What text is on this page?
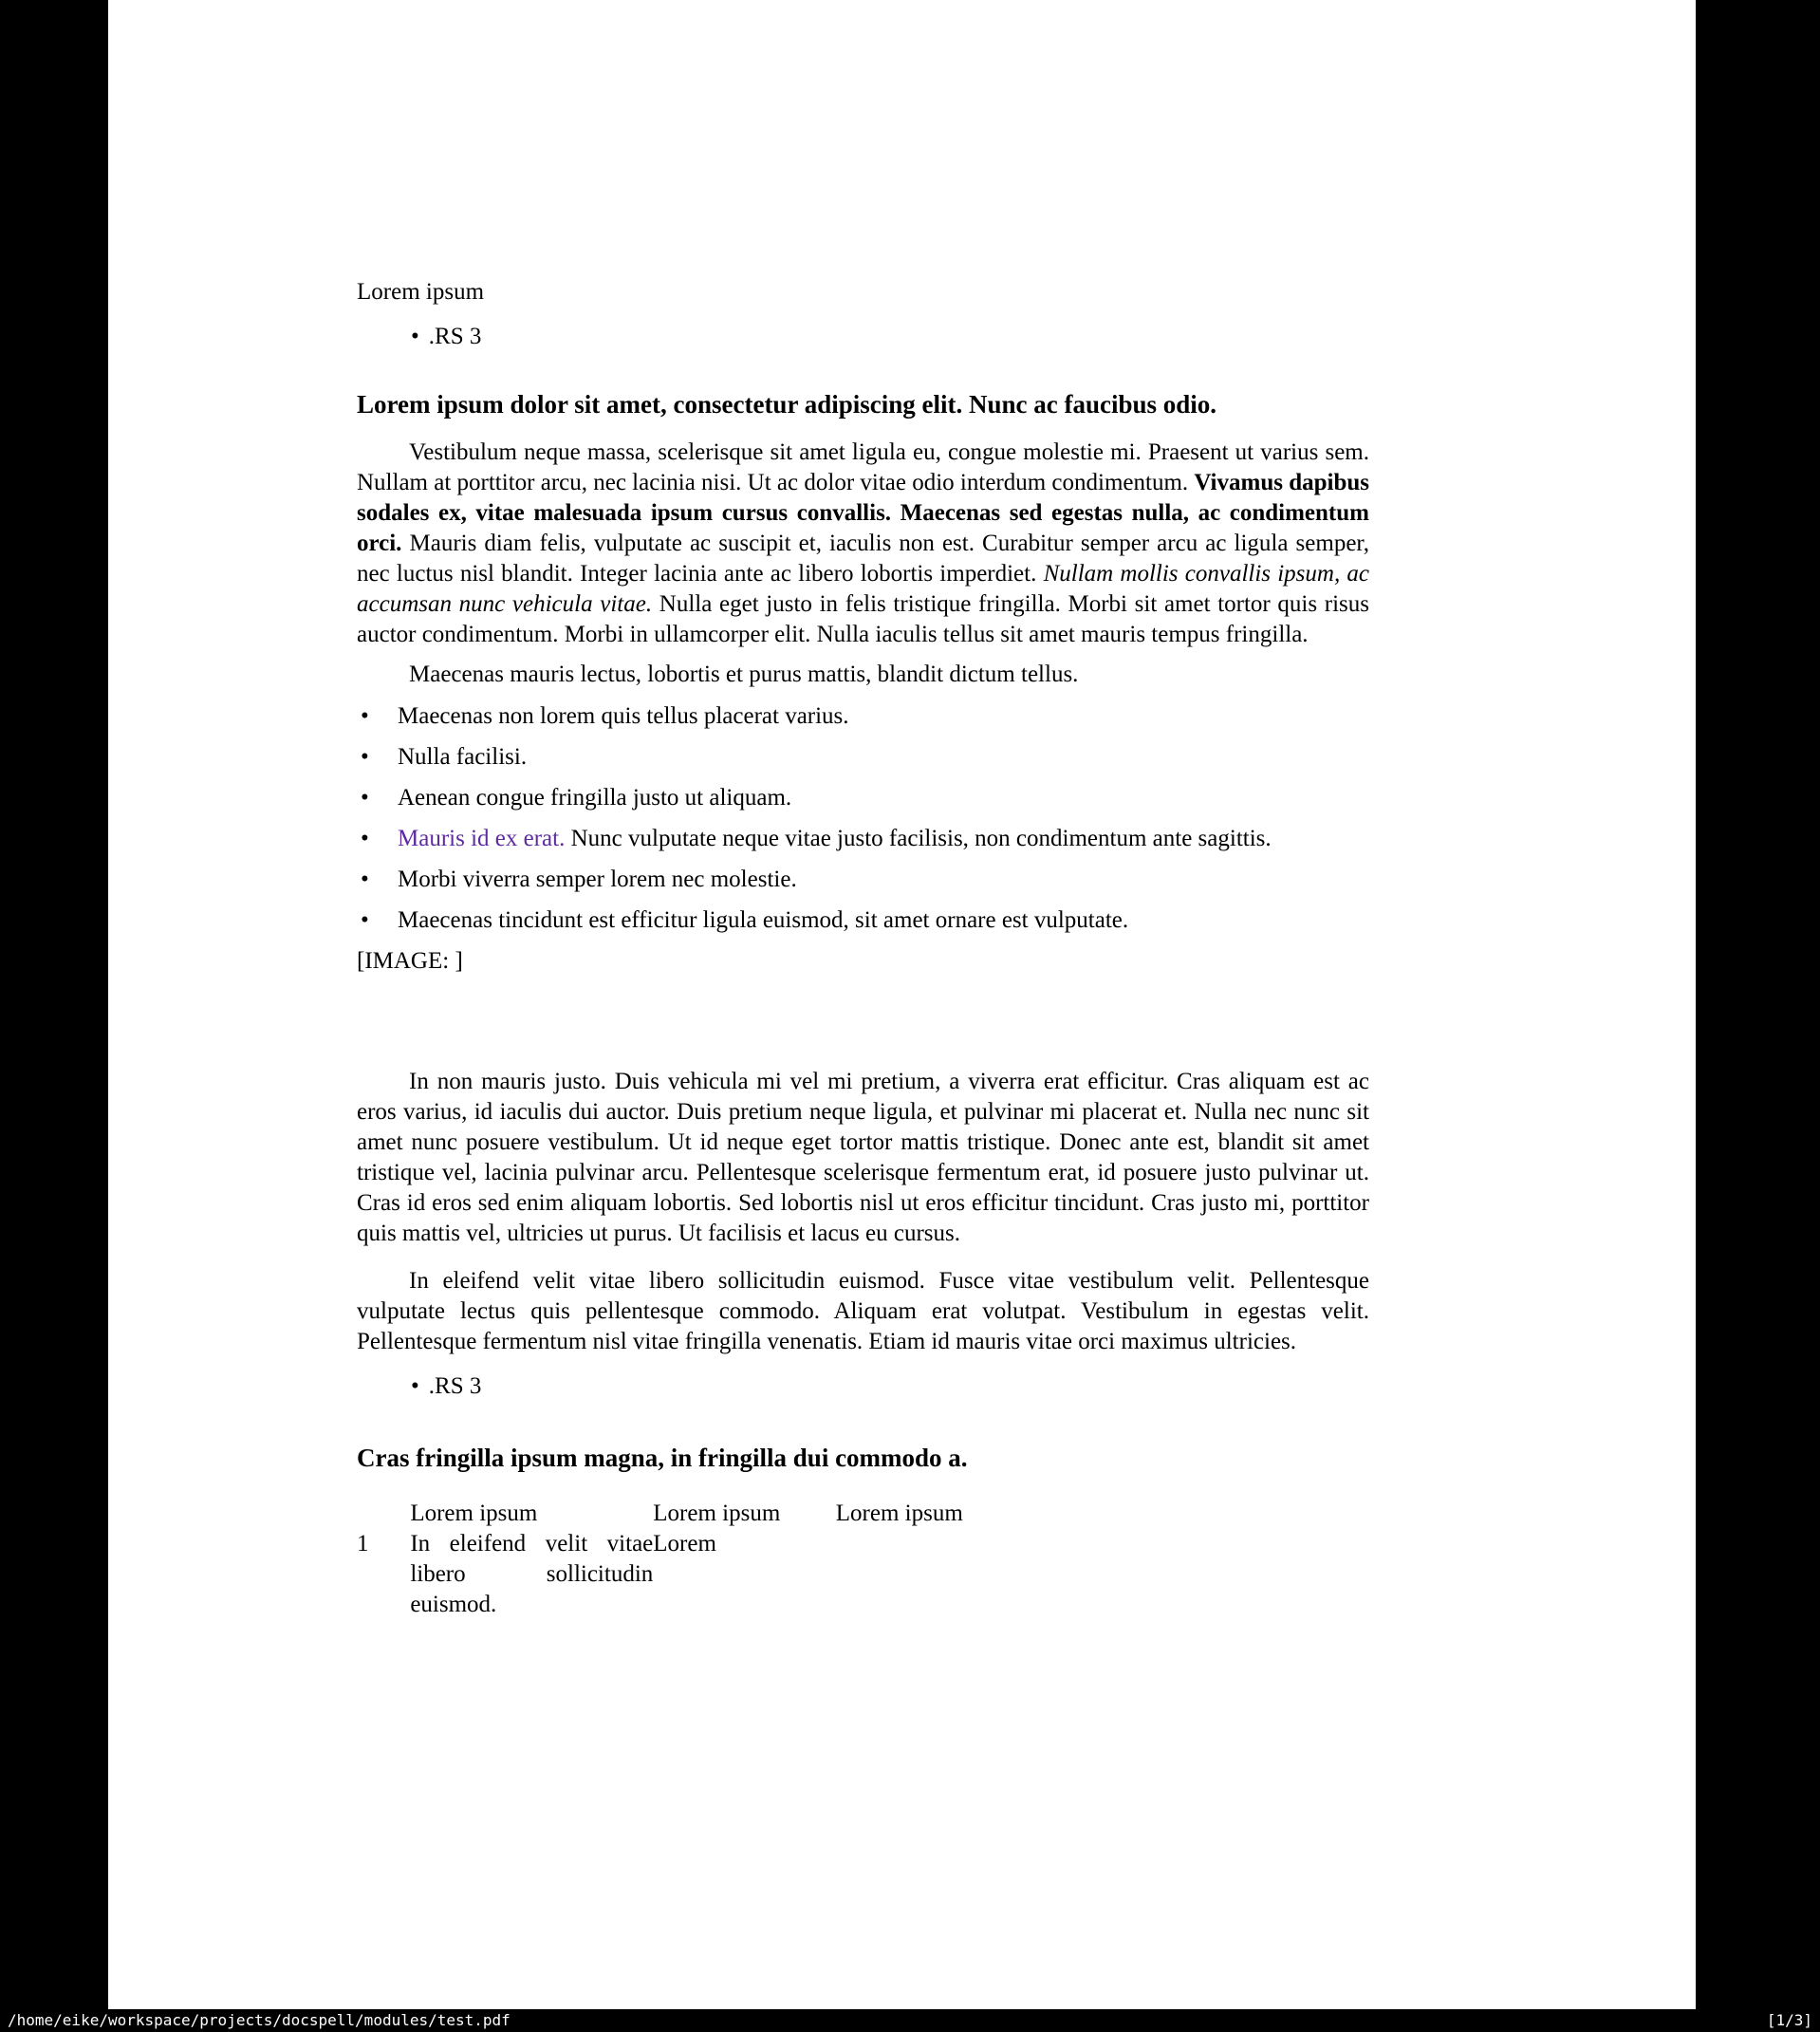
Lorem ipsum
• .RS 3
Lorem ipsum dolor sit amet, consectetur adipiscing elit. Nunc ac faucibus odio.
Vestibulum neque massa, scelerisque sit amet ligula eu, congue molestie mi. Praesent ut varius sem. Nullam at porttitor arcu, nec lacinia nisi. Ut ac dolor vitae odio interdum condimentum. Vivamus dapibus sodales ex, vitae malesuada ipsum cursus convallis. Maecenas sed egestas nulla, ac condimentum orci. Mauris diam felis, vulputate ac suscipit et, iaculis non est. Curabitur semper arcu ac ligula semper, nec luctus nisl blandit. Integer lacinia ante ac libero lobortis imperdiet. Nullam mollis convallis ipsum, ac accumsan nunc vehicula vitae. Nulla eget justo in felis tristique fringilla. Morbi sit amet tortor quis risus auctor condimentum. Morbi in ullamcorper elit. Nulla iaculis tellus sit amet mauris tempus fringilla.
Maecenas mauris lectus, lobortis et purus mattis, blandit dictum tellus.
• Maecenas non lorem quis tellus placerat varius.
• Nulla facilisi.
• Aenean congue fringilla justo ut aliquam.
• Mauris id ex erat. Nunc vulputate neque vitae justo facilisis, non condimentum ante sagittis.
• Morbi viverra semper lorem nec molestie.
• Maecenas tincidunt est efficitur ligula euismod, sit amet ornare est vulputate.
[IMAGE: ]
In non mauris justo. Duis vehicula mi vel mi pretium, a viverra erat efficitur. Cras aliquam est ac eros varius, id iaculis dui auctor. Duis pretium neque ligula, et pulvinar mi placerat et. Nulla nec nunc sit amet nunc posuere vestibulum. Ut id neque eget tortor mattis tristique. Donec ante est, blandit sit amet tristique vel, lacinia pulvinar arcu. Pellentesque scelerisque fermentum erat, id posuere justo pulvinar ut. Cras id eros sed enim aliquam lobortis. Sed lobortis nisl ut eros efficitur tincidunt. Cras justo mi, porttitor quis mattis vel, ultricies ut purus. Ut facilisis et lacus eu cursus.
In eleifend velit vitae libero sollicitudin euismod. Fusce vitae vestibulum velit. Pellentesque vulputate lectus quis pellentesque commodo. Aliquam erat volutpat. Vestibulum in egestas velit. Pellentesque fermentum nisl vitae fringilla venenatis. Etiam id mauris vitae orci maximus ultricies.
• .RS 3
Cras fringilla ipsum magna, in fringilla dui commodo a.
	Lorem ipsum	Lorem ipsum	Lorem ipsum
1	In eleifend velit vitae libero sollicitudin euismod.	Lorem	
/home/eike/workspace/projects/docspell/modules/test.pdf	[1/3]
